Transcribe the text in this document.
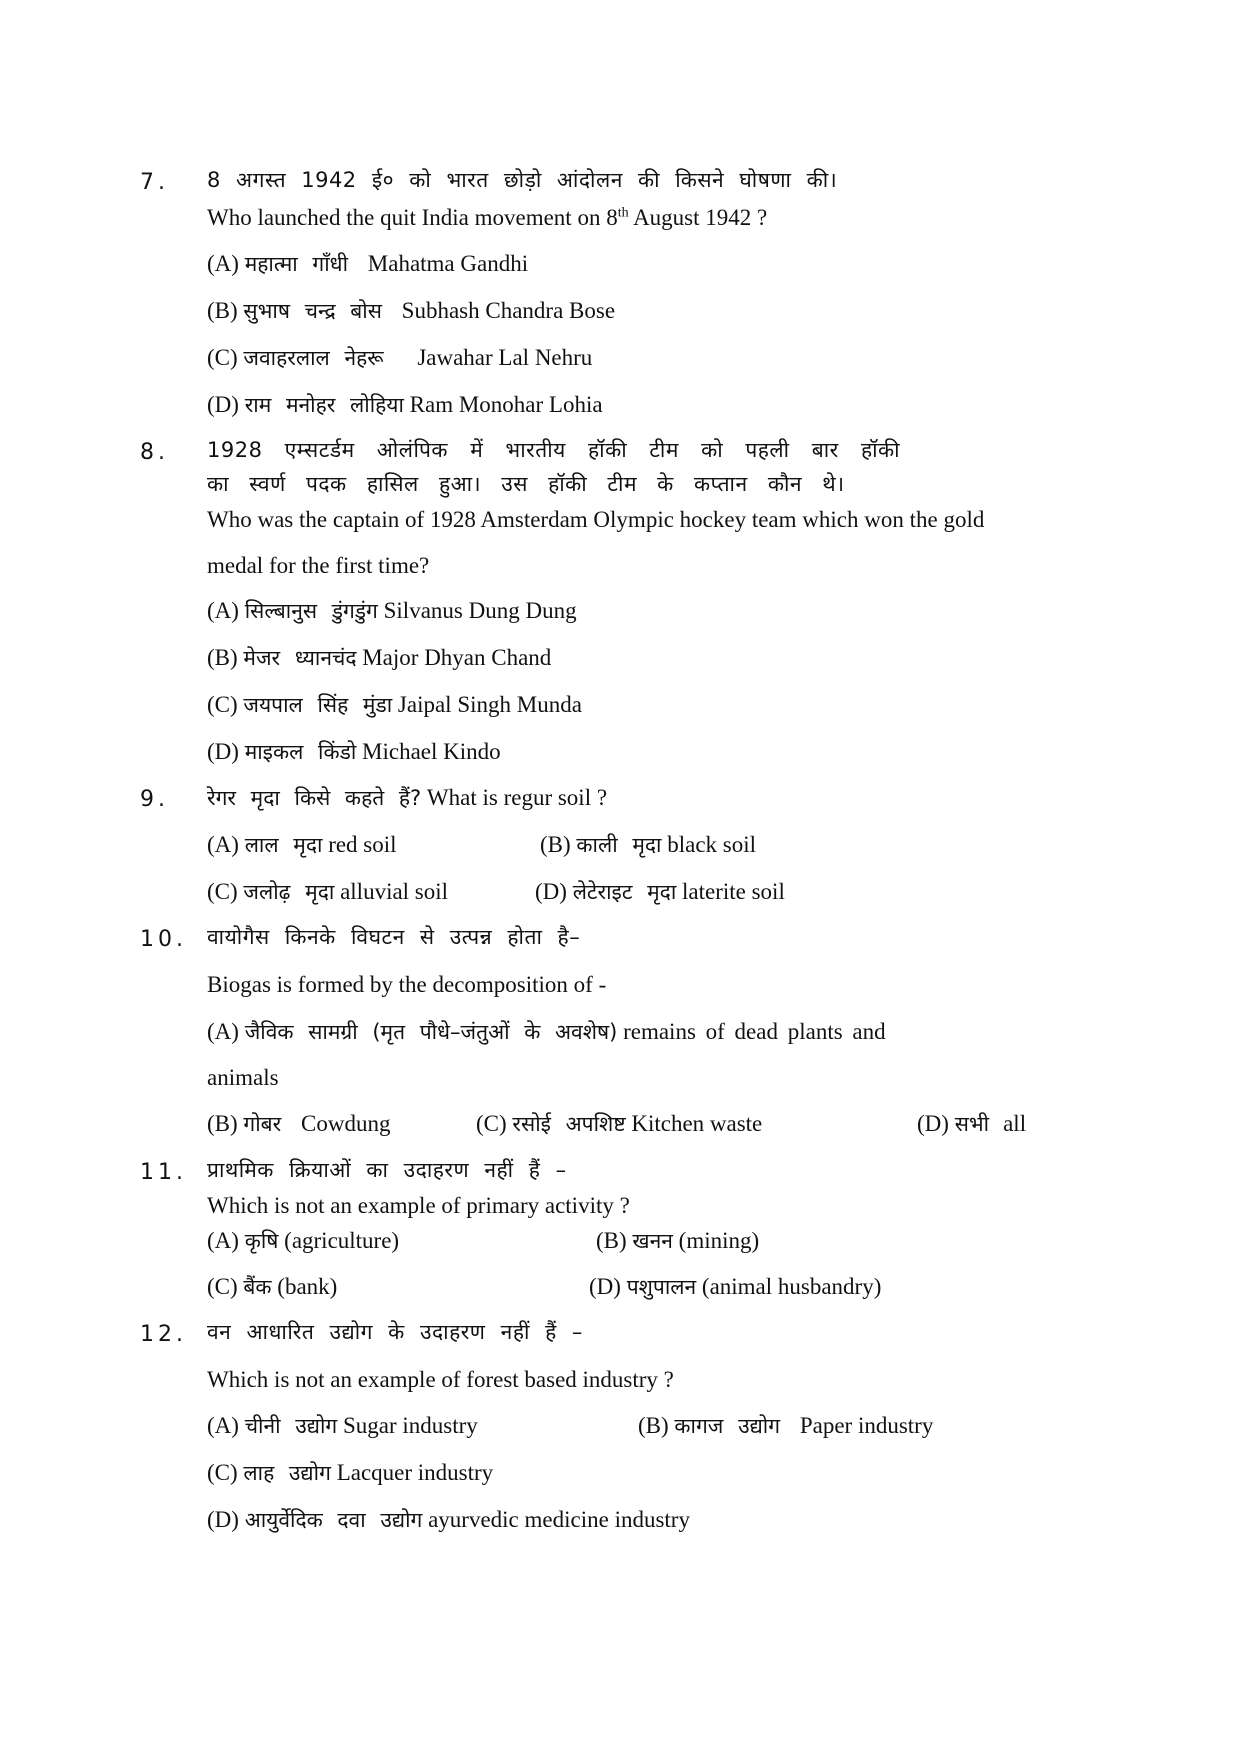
7. 8 अगस्त 1942 ई० को भारत छोड़ो आंदोलन की किसने घोषणा की।
Who launched the quit India movement on 8th August 1942 ?
(A) महात्मा गाँधी Mahatma Gandhi
(B) सुभाष चन्द्र बोस Subhash Chandra Bose
(C) जवाहरलाल नेहरू Jawahar Lal Nehru
(D) राम मनोहर लोहिया Ram Monohar Lohia
8. 1928 एम्सटर्डम ओलंपिक में भारतीय हॉकी टीम को पहली बार हॉकी
का स्वर्ण पदक हासिल हुआ। उस हॉकी टीम के कप्तान कौन थे।
Who was the captain of 1928 Amsterdam Olympic hockey team which won the gold
medal for the first time?
(A) सिल्बानुस डुंगडुंग Silvanus Dung Dung
(B) मेजर ध्यानचंद Major Dhyan Chand
(C) जयपाल सिंह मुंडा Jaipal Singh Munda
(D) माइकल किंडो Michael Kindo
9. रेगर मृदा किसे कहते हैं? What is regur soil ?
(A) लाल मृदा red soil	(B) काली मृदा black soil
(C) जलोढ़ मृदा alluvial soil	(D) लेटेराइट मृदा laterite soil
10. वायोगैस किनके विघटन से उत्पन्न होता है–
Biogas is formed by the decomposition of -
(A) जैविक सामग्री (मृत पौधे–जंतुओं के अवशेष) remains of dead plants and
animals
(B) गोबर Cowdung	(C) रसोई अपशिष्ट Kitchen waste	(D) सभी all
11. प्राथमिक क्रियाओं का उदाहरण नहीं हैं –
Which is not an example of primary activity ?
(A) कृषि (agriculture)	(B) खनन (mining)
(C) बैंक (bank)	(D) पशुपालन (animal husbandry)
12. वन आधारित उद्योग के उदाहरण नहीं हैं –
Which is not an example of forest based industry ?
(A) चीनी उद्योग Sugar industry	(B) कागज उद्योग Paper industry
(C) लाह उद्योग Lacquer industry
(D) आयुर्वेदिक दवा उद्योग ayurvedic medicine industry
